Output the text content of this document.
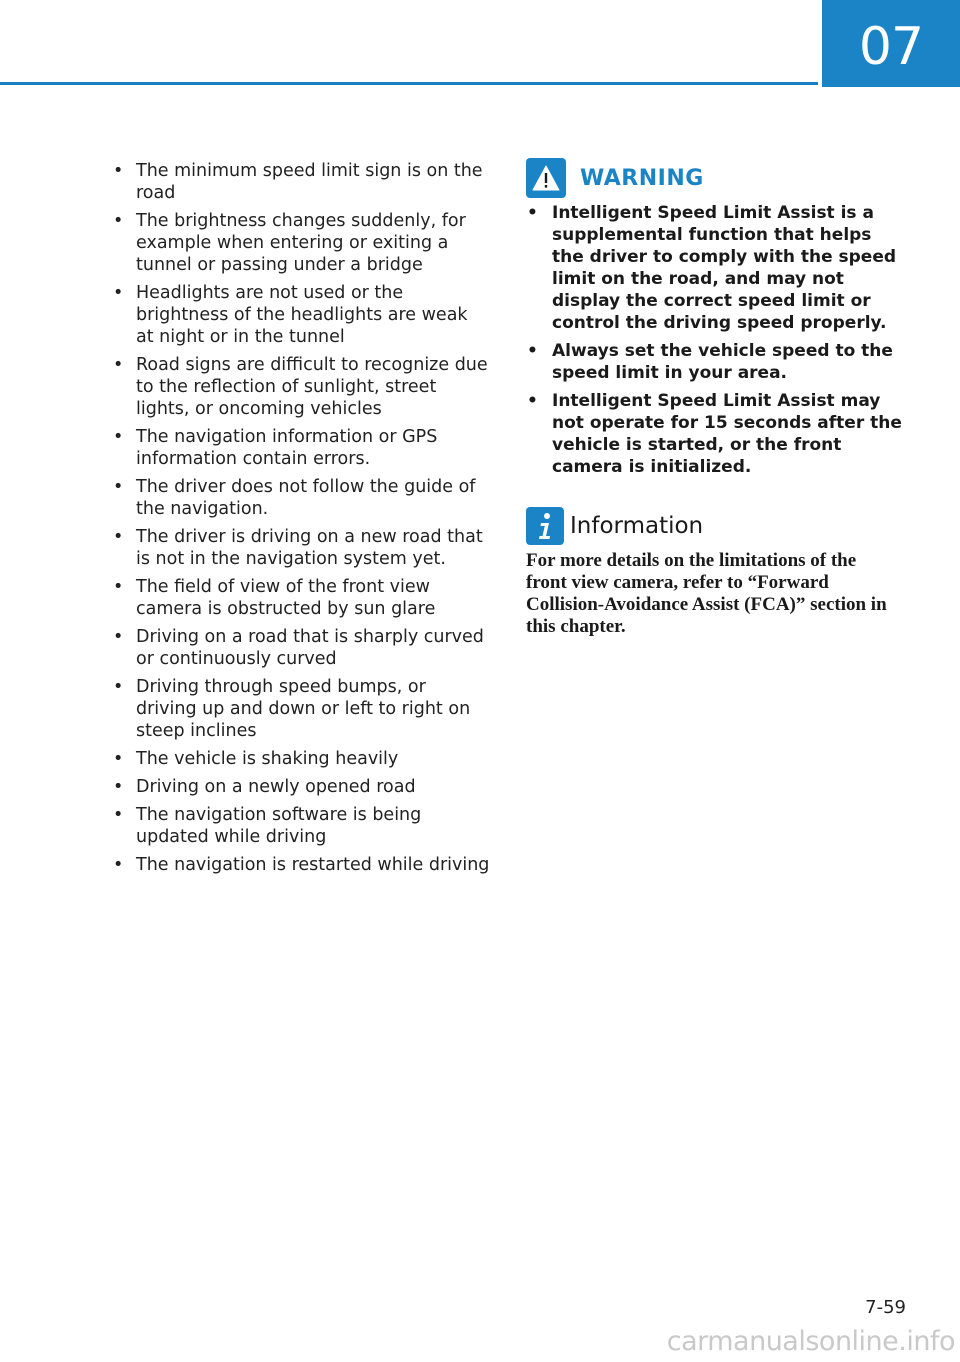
07
• The minimum speed limit sign is on the road
• The brightness changes suddenly, for example when entering or exiting a tunnel or passing under a bridge
• Headlights are not used or the brightness of the headlights are weak at night or in the tunnel
• Road signs are difficult to recognize due to the reflection of sunlight, street lights, or oncoming vehicles
• The navigation information or GPS information contain errors.
• The driver does not follow the guide of the navigation.
• The driver is driving on a new road that is not in the navigation system yet.
• The field of view of the front view camera is obstructed by sun glare
• Driving on a road that is sharply curved or continuously curved
• Driving through speed bumps, or driving up and down or left to right on steep inclines
• The vehicle is shaking heavily
• Driving on a newly opened road
• The navigation software is being updated while driving
• The navigation is restarted while driving
WARNING
• Intelligent Speed Limit Assist is a supplemental function that helps the driver to comply with the speed limit on the road, and may not display the correct speed limit or control the driving speed properly.
• Always set the vehicle speed to the speed limit in your area.
• Intelligent Speed Limit Assist may not operate for 15 seconds after the vehicle is started, or the front camera is initialized.
Information

For more details on the limitations of the front view camera, refer to “Forward Collision-Avoidance Assist (FCA)” section in this chapter.

7-59
carmanualsonline.info
